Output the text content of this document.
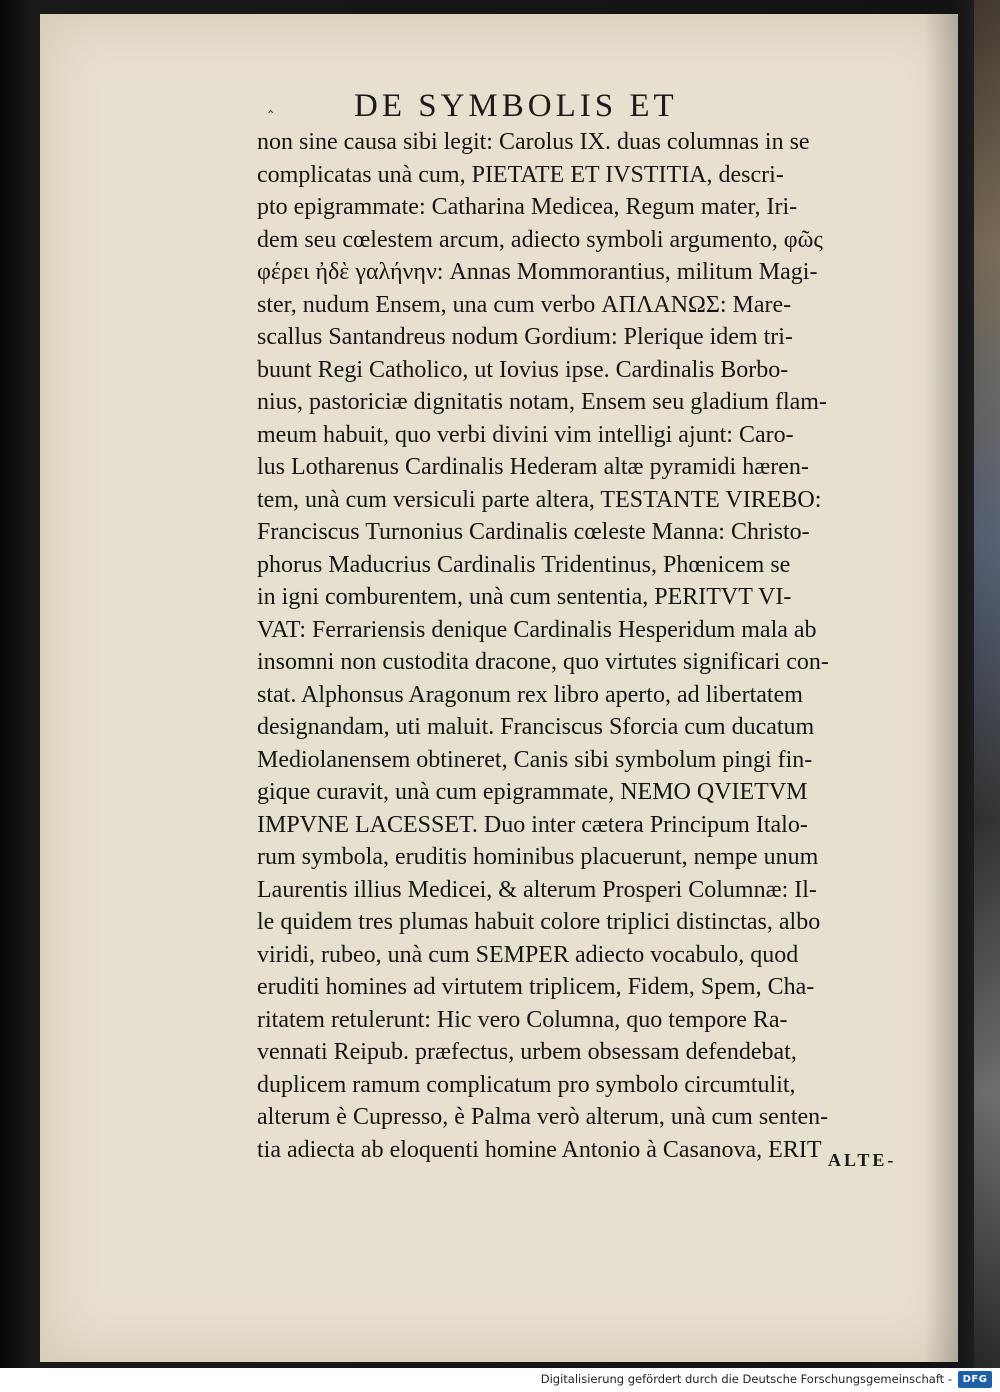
‸ DE SYMBOLIS ET
non sine causa sibi legit: Carolus IX. duas columnas in se
complicatas unà cum, PIETATE ET IVSTITIA, descri-
pto epigrammate: Catharina Medicea, Regum mater, Iri-
dem seu cœlestem arcum, adiecto symboli argumento, φῶς
φέρει ἠδὲ γαλήνην: Annas Mommorantius, militum Magi-
ster, nudum Ensem, una cum verbo ΑΠΛΑΝΩΣ: Mare-
scallus Santandreus nodum Gordium: Plerique idem tri-
buunt Regi Catholico, ut Iovius ipse. Cardinalis Borbo-
nius, pastoriciæ dignitatis notam, Ensem seu gladium flam-
meum habuit, quo verbi divini vim intelligi ajunt: Caro-
lus Lotharenus Cardinalis Hederam altæ pyramidi hæren-
tem, unà cum versiculi parte altera, TESTANTE VIREBO:
Franciscus Turnonius Cardinalis cœleste Manna: Christo-
phorus Maducrius Cardinalis Tridentinus, Phœnicem se
in igni comburentem, unà cum sententia, PERITVT VI-
VAT: Ferrariensis denique Cardinalis Hesperidum mala ab
insomni non custodita dracone, quo virtutes significari con-
stat. Alphonsus Aragonum rex libro aperto, ad libertatem
designandam, uti maluit. Franciscus Sforcia cum ducatum
Mediolanensem obtineret, Canis sibi symbolum pingi fin-
gique curavit, unà cum epigrammate, NEMO QVIETVM
IMPVNE LACESSET. Duo inter cætera Principum Italo-
rum symbola, eruditis hominibus placuerunt, nempe unum
Laurentis illius Medicei, & alterum Prosperi Columnæ: Il-
le quidem tres plumas habuit colore triplici distinctas, albo
viridi, rubeo, unà cum SEMPER adiecto vocabulo, quod
eruditi homines ad virtutem triplicem, Fidem, Spem, Cha-
ritatem retulerunt: Hic vero Columna, quo tempore Ra-
vennati Reipub. præfectus, urbem obsessam defendebat,
duplicem ramum complicatum pro symbolo circumtulit,
alterum è Cupresso, è Palma verò alterum, unà cum senten-
tia adiecta ab eloquenti homine Antonio à Casanova, ERIT ALTE-
Digitalisierung gefördert durch die Deutsche Forschungsgemeinschaft -	DFG
